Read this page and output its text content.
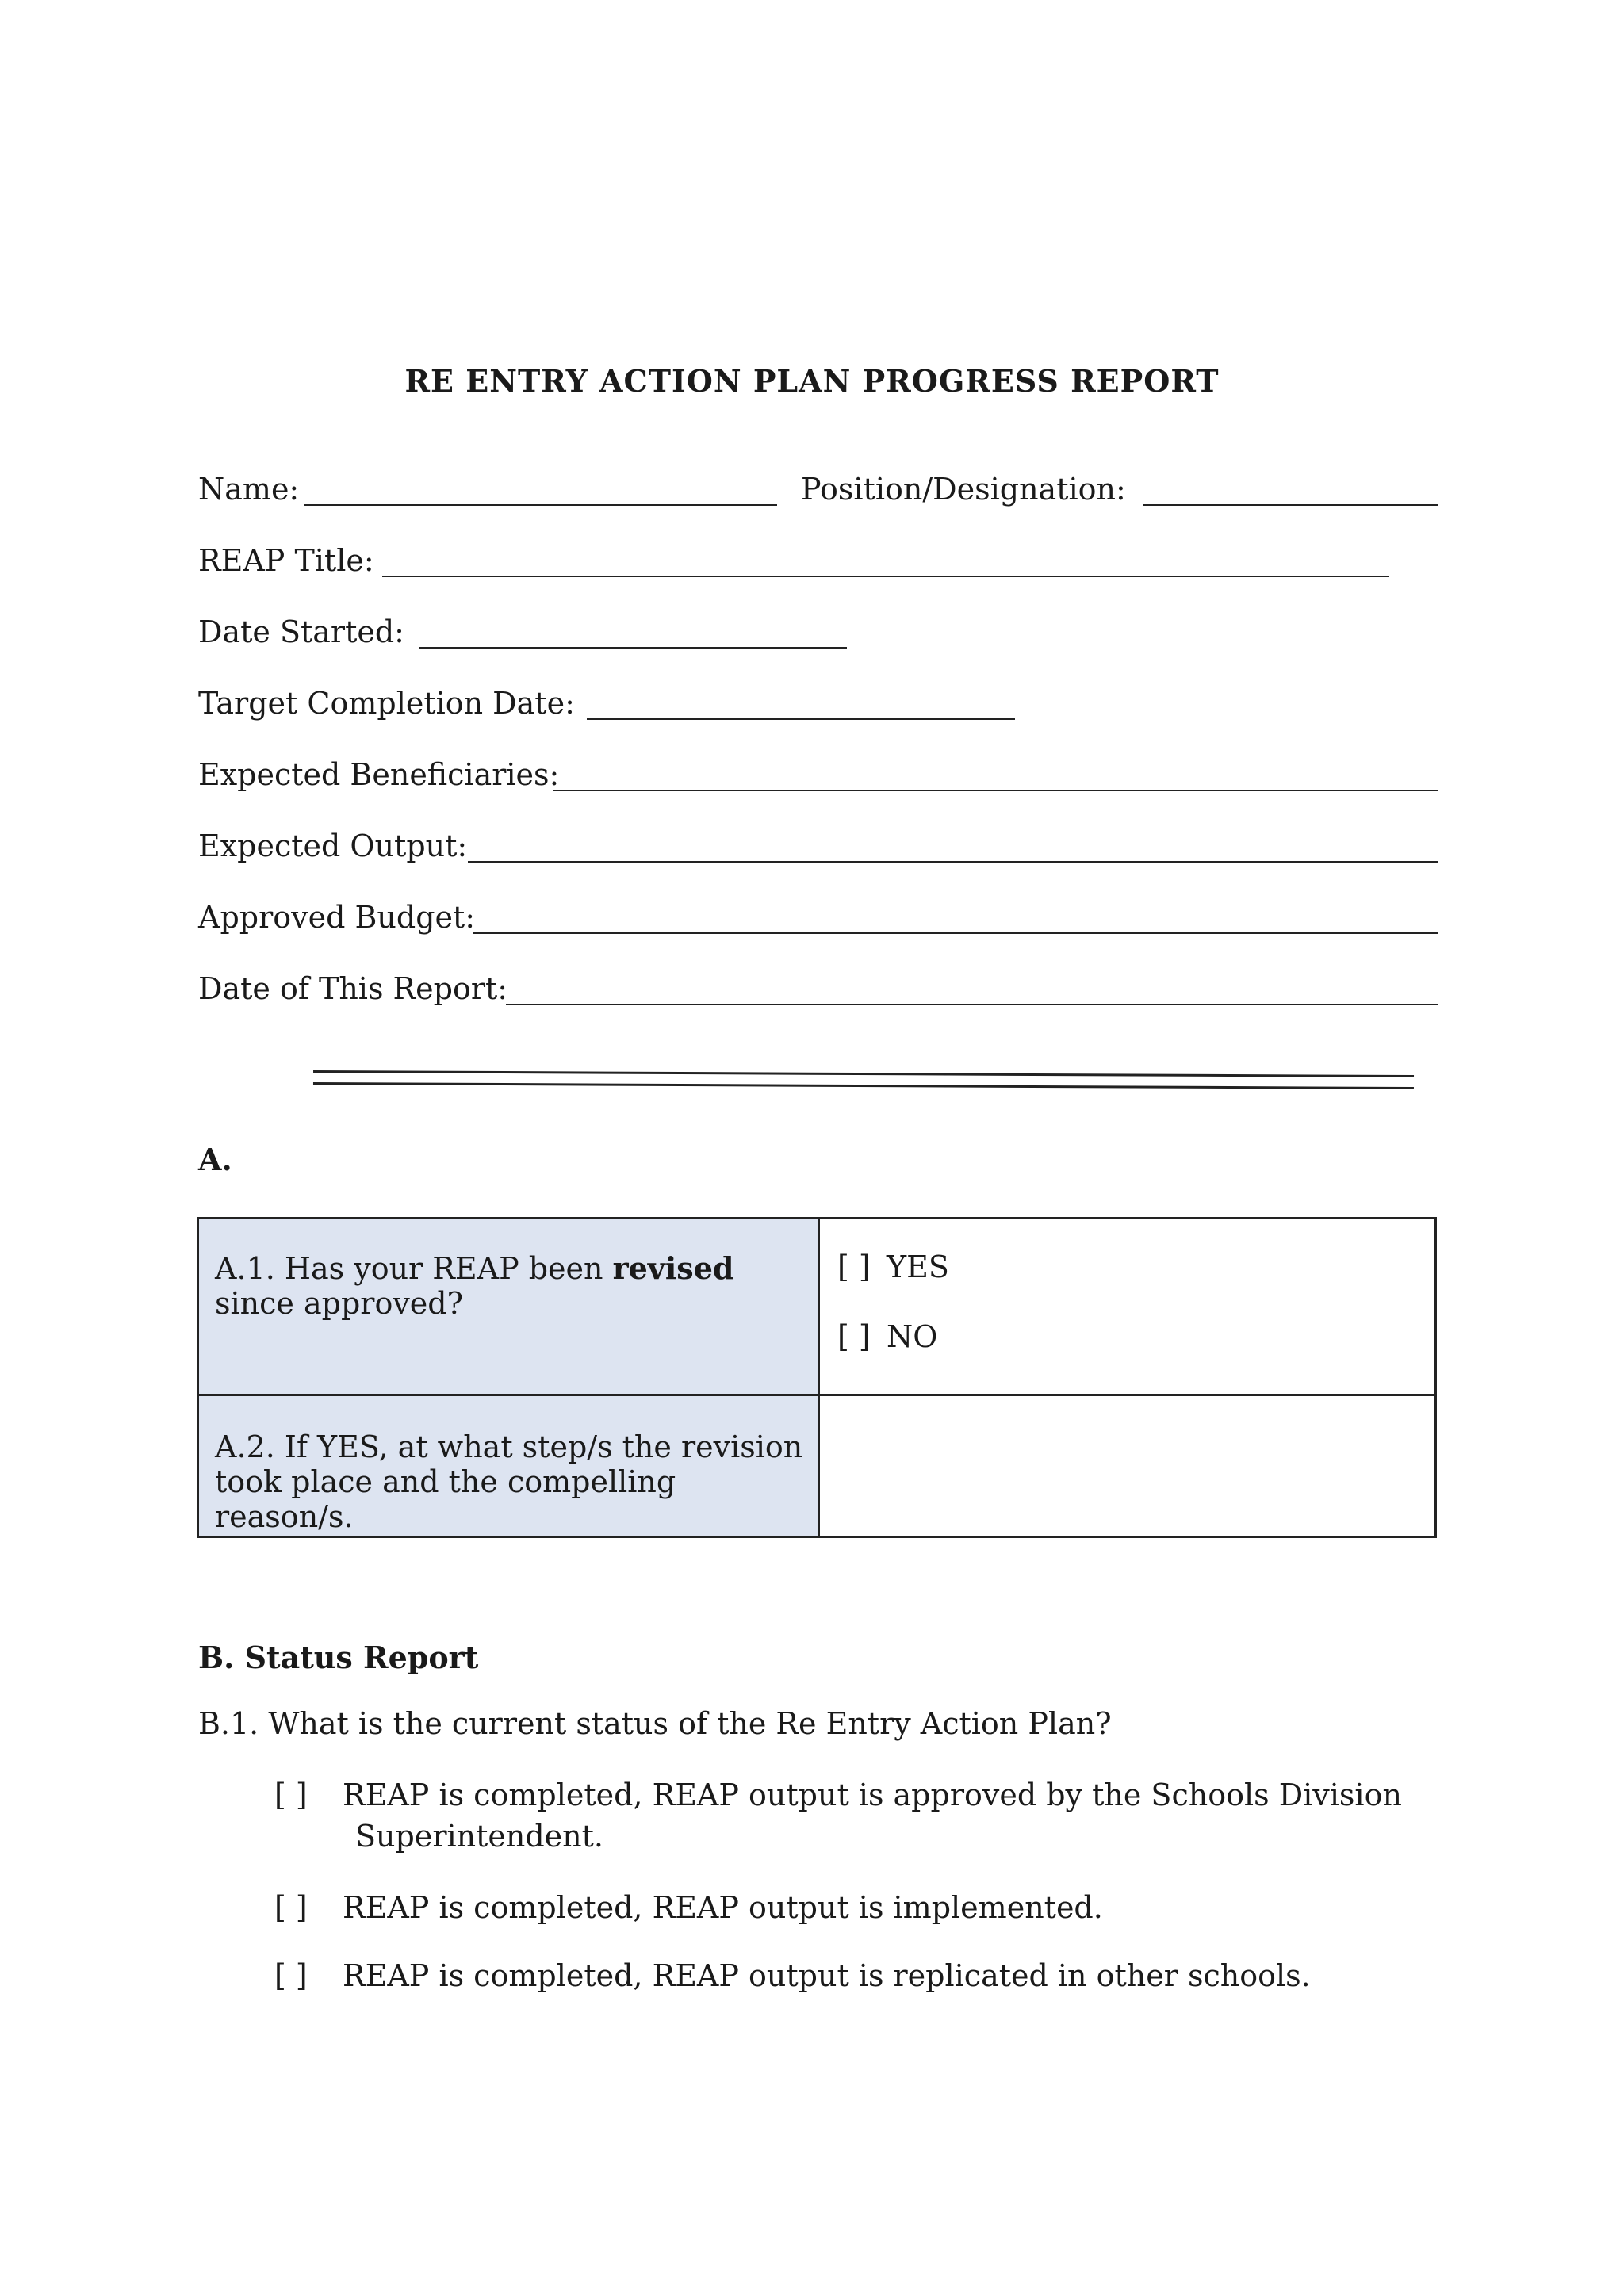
RE ENTRY ACTION PLAN PROGRESS REPORT
Name:	Position/Designation:
REAP Title:
Date Started:
Target Completion Date:
Expected Beneficiaries:
Expected Output:
Approved Budget:
Date of This Report:
A.
A.1. Has your REAP been revised since approved?	[ ] YES
[ ] NO

A.2. If YES, at what step/s the revision took place and the compelling reason/s.	

B. Status Report
B.1. What is the current status of the Re Entry Action Plan?
[ ] REAP is completed, REAP output is approved by the Schools Division
Superintendent.
[ ] REAP is completed, REAP output is implemented.
[ ] REAP is completed, REAP output is replicated in other schools.
